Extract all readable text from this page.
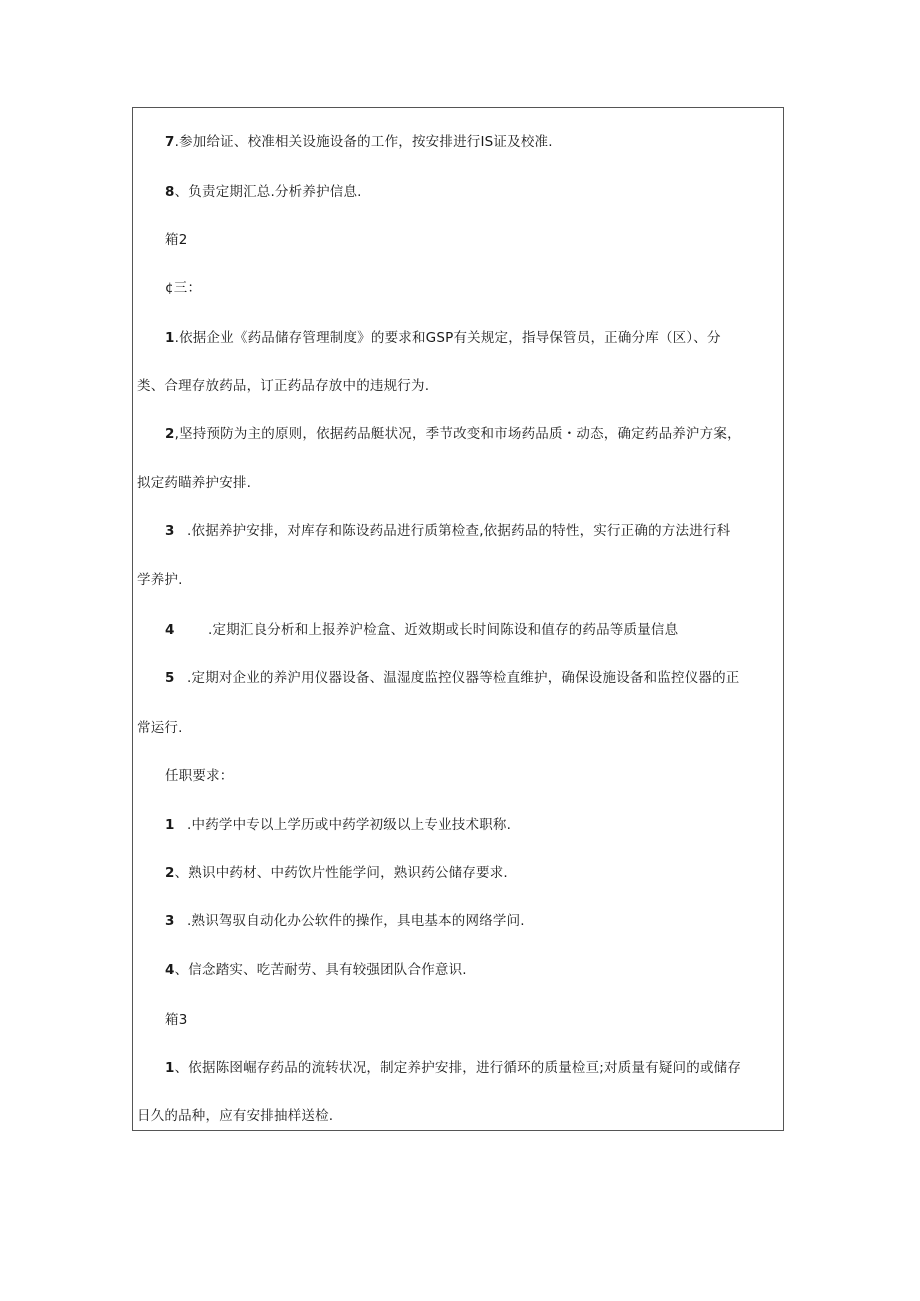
7.参加给证、校准相关设施设备的工作，按安排进行IS证及校准.
8、负责定期汇总.分析养护信息.
箱2
¢三：
1.依据企业《药品储存管理制度》的要求和GSP有关规定，指导保管员，正确分库（区）、分
类、合理存放药品，订正药品存放中的违规行为.
2,坚持预防为主的原则，依据药品艇状况，季节改变和市场药品质・动态，确定药品养沪方案，
拟定药瞄养护安排.
3 .依据养护安排，对库存和陈设药品进行质第检查,依据药品的特性，实行正确的方法进行科
学养护.
4 .定期汇良分析和上报养沪检盒、近效期或长时间陈设和值存的药品等质量信息
5 .定期对企业的养沪用仪器设备、温湿度监控仪器等检直维护，确保设施设备和监控仪器的正
常运行.
任职要求：
1 .中药学中专以上学历或中药学初级以上专业技术职称.
2、熟识中药材、中药饮片性能学问，熟识药公储存要求.
3 .熟识驾驭自动化办公软件的操作，具电基本的网络学问.
4、信念踏实、吃苦耐劳、具有较强团队合作意识.
箱3
1、依据陈囹崛存药品的流转状况，制定养护安排，进行循环的质量检亘;对质量有疑问的或储存
日久的品种，应有安排抽样送检.
